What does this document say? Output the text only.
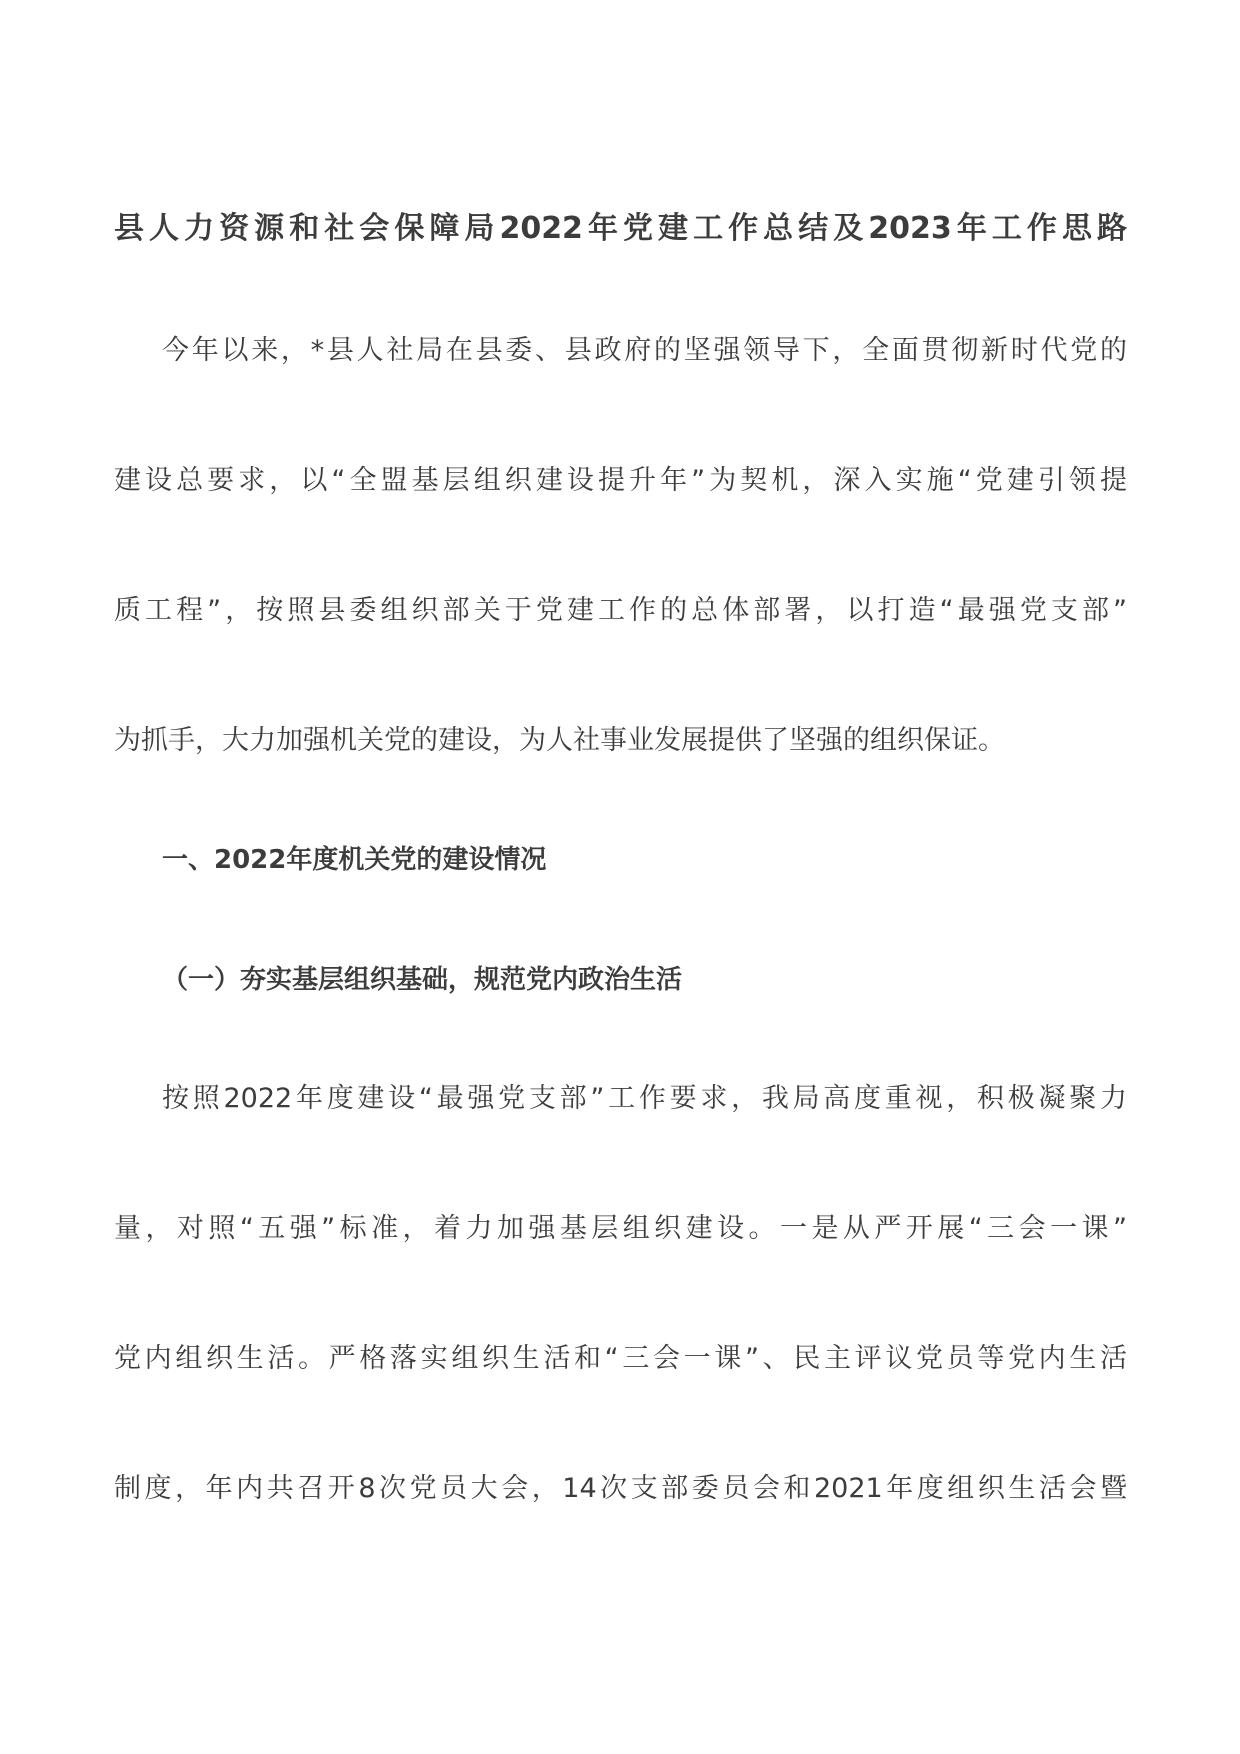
县人力资源和社会保障局2022年党建工作总结及2023年工作思路
今年以来，*县人社局在县委、县政府的坚强领导下，全面贯彻新时代党的
建设总要求，以“全盟基层组织建设提升年”为契机，深入实施“党建引领提
质工程”，按照县委组织部关于党建工作的总体部署，以打造“最强党支部”
为抓手，大力加强机关党的建设，为人社事业发展提供了坚强的组织保证。
一、2022年度机关党的建设情况
（一）夯实基层组织基础，规范党内政治生活
按照2022年度建设“最强党支部”工作要求，我局高度重视，积极凝聚力
量，对照“五强”标准，着力加强基层组织建设。一是从严开展“三会一课”
党内组织生活。严格落实组织生活和“三会一课”、民主评议党员等党内生活
制度，年内共召开8次党员大会，14次支部委员会和2021年度组织生活会暨
